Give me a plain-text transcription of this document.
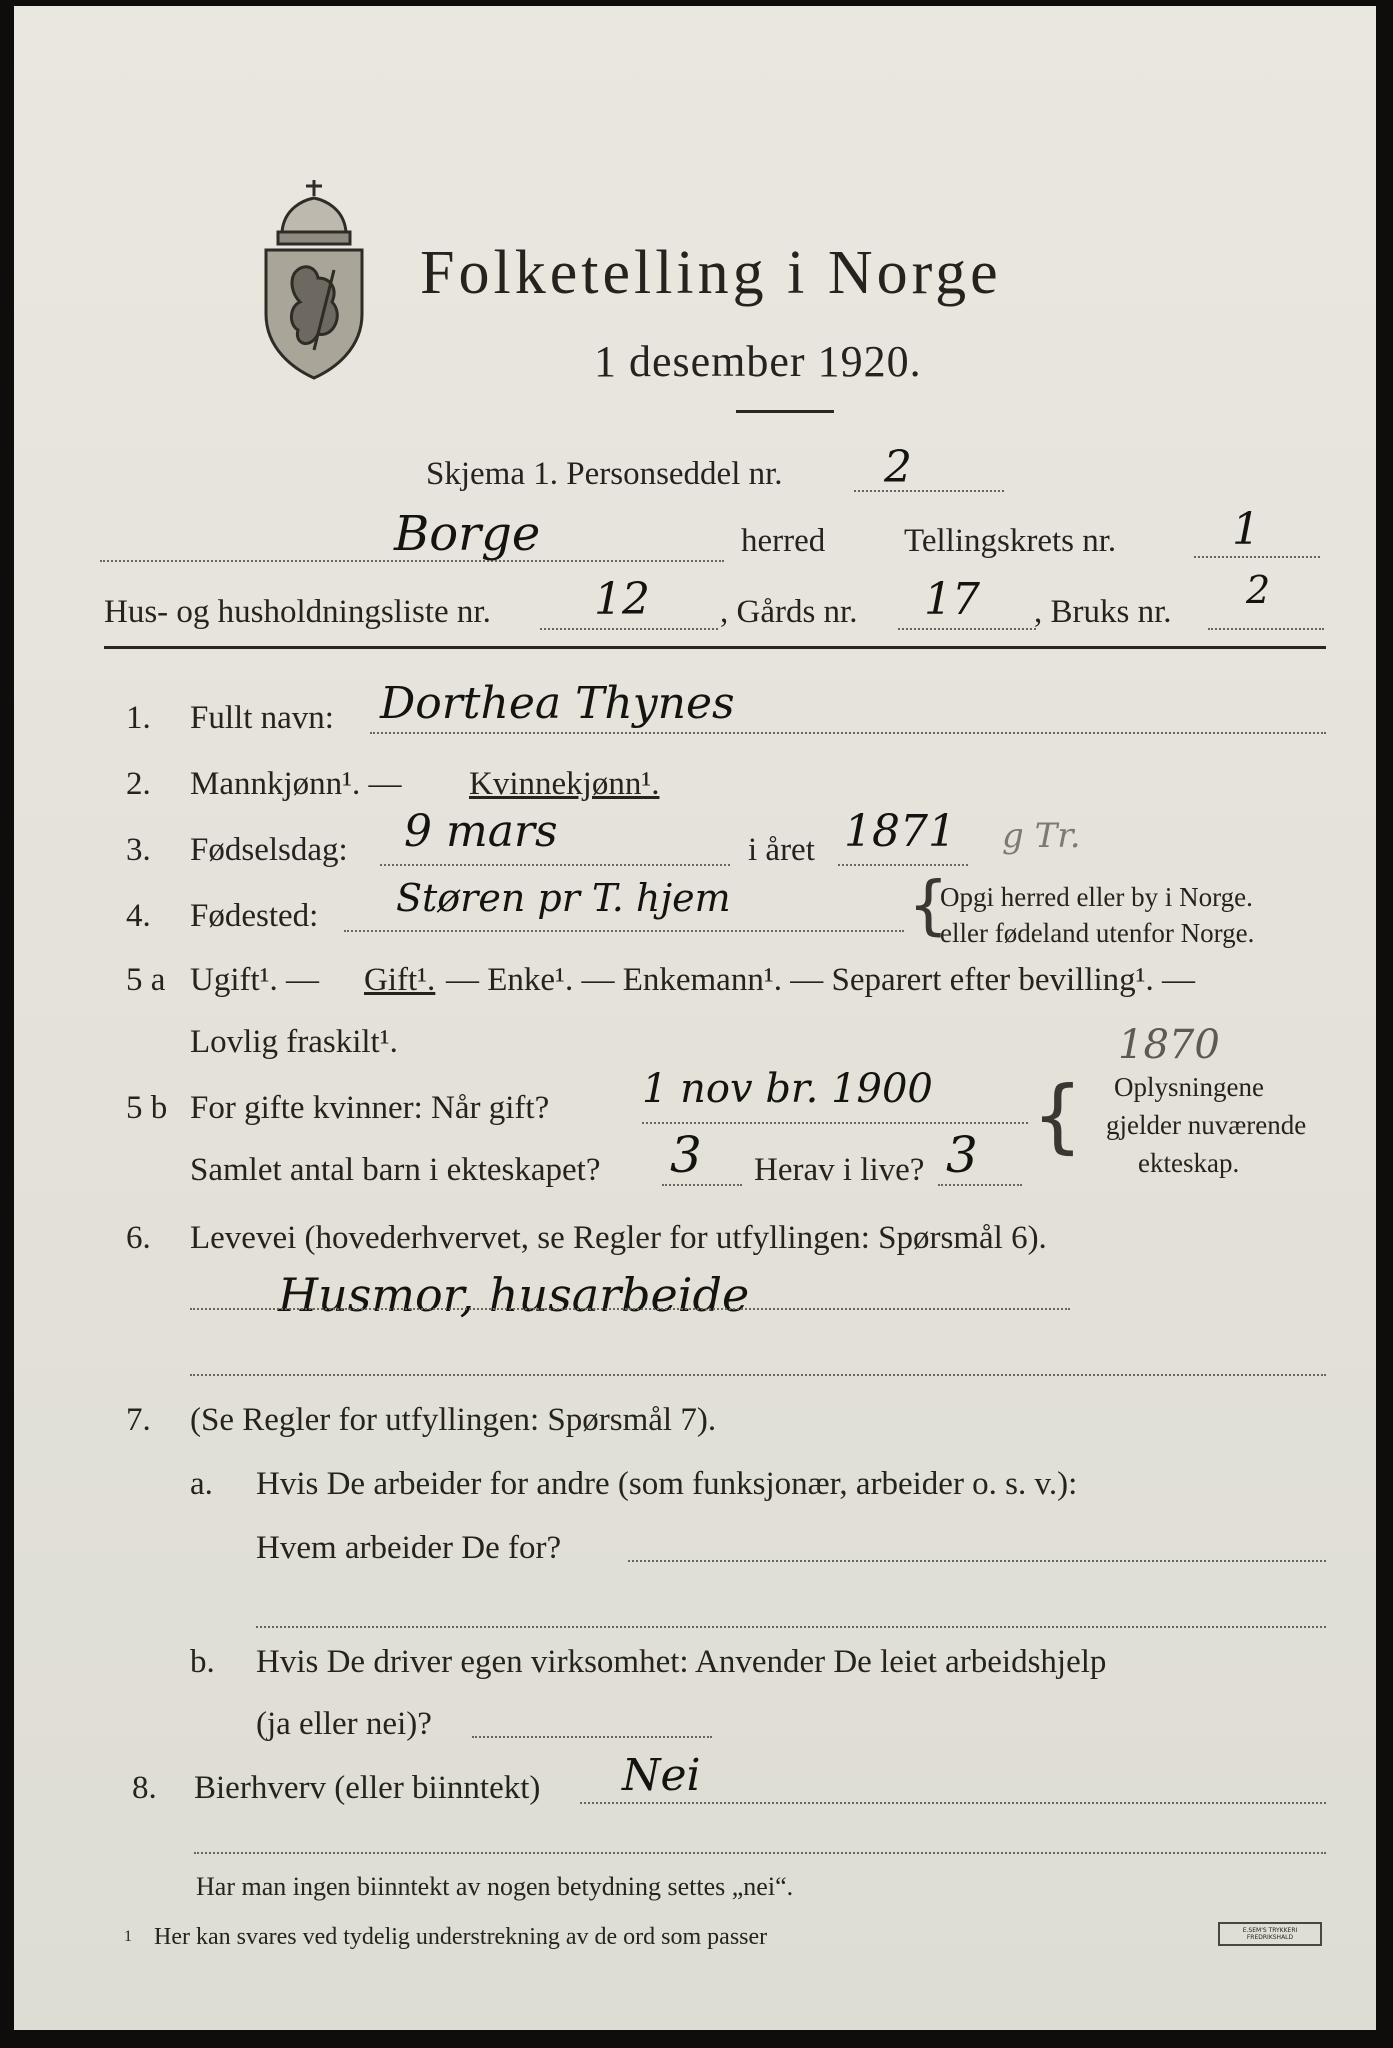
Folketelling i Norge
1 desember 1920.
Skjema 1. Personseddel nr. 2
Borge	herred Tellingskrets nr.	1
Hus- og husholdningsliste nr. 12 , Gårds nr. 17 , Bruks nr. 2
1. Fullt navn: Dorthea Thynes
2. Mannkjønn¹. — Kvinnekjønn¹.
3. Fødselsdag: 9 mars	i året 1871 g Tr.
4. Fødested: Støren pr T. hjem	{
Opgi herred eller by i Norge.
eller fødeland utenfor Norge.
5 a Ugift¹. — Gift¹. — Enke¹. — Enkemann¹. — Separert efter bevilling¹. —
Lovlig fraskilt¹.	1870
5 b For gifte kvinner: Når gift? 1 nov br. 1900 { Oplysningene
gjelder nuværende
ekteskap.
Samlet antal barn i ekteskapet? 3 Herav i live? 3
6. Levevei (hovederhvervet, se Regler for utfyllingen: Spørsmål 6).
Husmor, husarbeide
7. (Se Regler for utfyllingen: Spørsmål 7).
a. Hvis De arbeider for andre (som funksjonær, arbeider o. s. v.):
Hvem arbeider De for?
b. Hvis De driver egen virksomhet: Anvender De leiet arbeidshjelp
(ja eller nei)?
8. Bierhverv (eller biinntekt) Nei
Har man ingen biinntekt av nogen betydning settes „nei“.
1 Her kan svares ved tydelig understrekning av de ord som passer	E.SEM'S TRYKKERI FREDRIKSHALD
